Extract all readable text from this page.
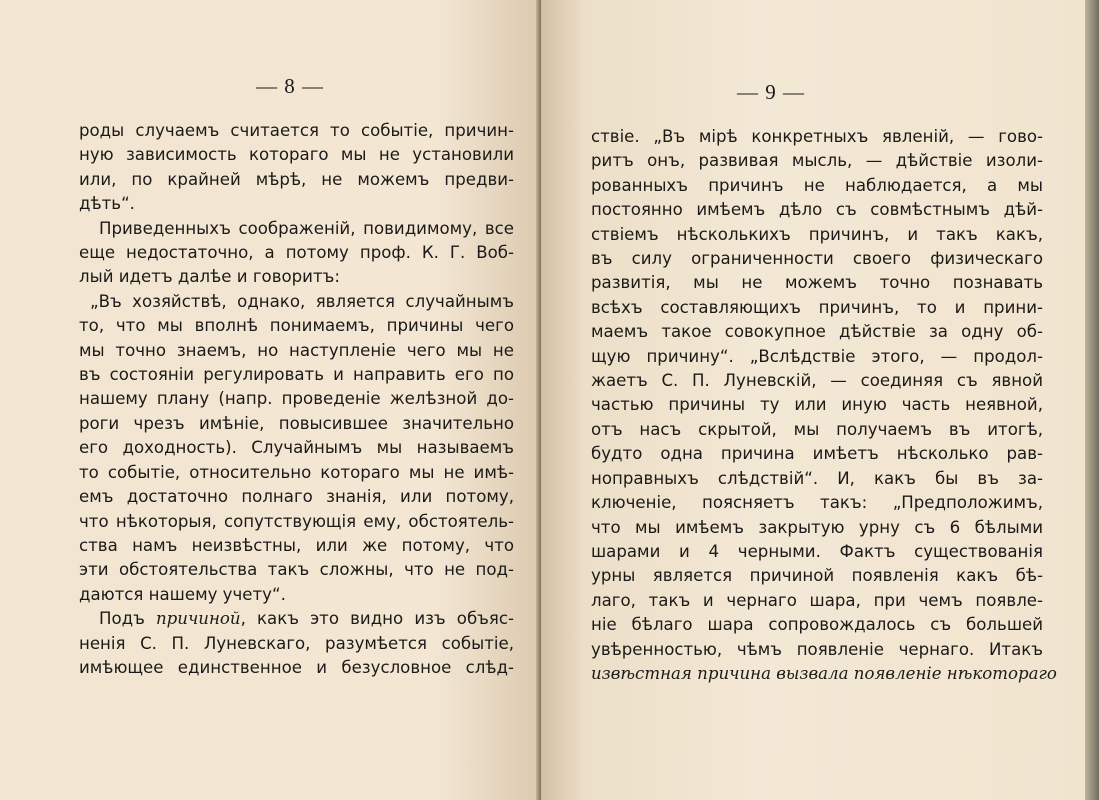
— 8 —
роды случаемъ считается то событiе, причин-
ную зависимость котораго мы не установили
или, по крайней мѣрѣ, не можемъ предви-
дѣть“.
Приведенныхъ соображенiй, повидимому, все
еще недостаточно, а потому проф. К. Г. Воб-
лый идетъ далѣе и говоритъ:
„Въ хозяйствѣ, однако, является случайнымъ
то, что мы вполнѣ понимаемъ, причины чего
мы точно знаемъ, но наступленiе чего мы не
въ состоянiи регулировать и направить его по
нашему плану (напр. проведенiе желѣзной до-
роги чрезъ имѣнiе, повысившее значительно
его доходность). Случайнымъ мы называемъ
то событiе, относительно котораго мы не имѣ-
емъ достаточно полнаго знанiя, или потому,
что нѣкоторыя, сопутствующiя ему, обстоятель-
ства намъ неизвѣстны, или же потому, что
эти обстоятельства такъ сложны, что не под-
даются нашему учету“.
Подъ причиной, какъ это видно изъ объяс-
ненiя С. П. Луневскаго, разумѣется событiе,
имѣющее единственное и безусловное слѣд-
— 9 —
ствiе. „Въ мiрѣ конкретныхъ явленiй, — гово-
ритъ онъ, развивая мысль, — дѣйствiе изоли-
рованныхъ причинъ не наблюдается, а мы
постоянно имѣемъ дѣло съ совмѣстнымъ дѣй-
ствiемъ нѣсколькихъ причинъ, и такъ какъ,
въ силу ограниченности своего физическаго
развитiя, мы не можемъ точно познавать
всѣхъ составляющихъ причинъ, то и прини-
маемъ такое совокупное дѣйствiе за одну об-
щую причину“. „Вслѣдствiе этого, — продол-
жаетъ С. П. Луневскiй, — соединяя съ явной
частью причины ту или иную часть неявной,
отъ насъ скрытой, мы получаемъ въ итогѣ,
будто одна причина имѣетъ нѣсколько рав-
ноправныхъ слѣдствiй“. И, какъ бы въ за-
ключенiе, поясняетъ такъ: „Предположимъ,
что мы имѣемъ закрытую урну съ 6 бѣлыми
шарами и 4 черными. Фактъ существованiя
урны является причиной появленiя какъ бѣ-
лаго, такъ и чернаго шара, при чемъ появле-
нiе бѣлаго шара сопровождалось съ большей
увѣренностью, чѣмъ появленiе чернаго. Итакъ
извѣстная причина вызвала появленiе нѣкотораго
